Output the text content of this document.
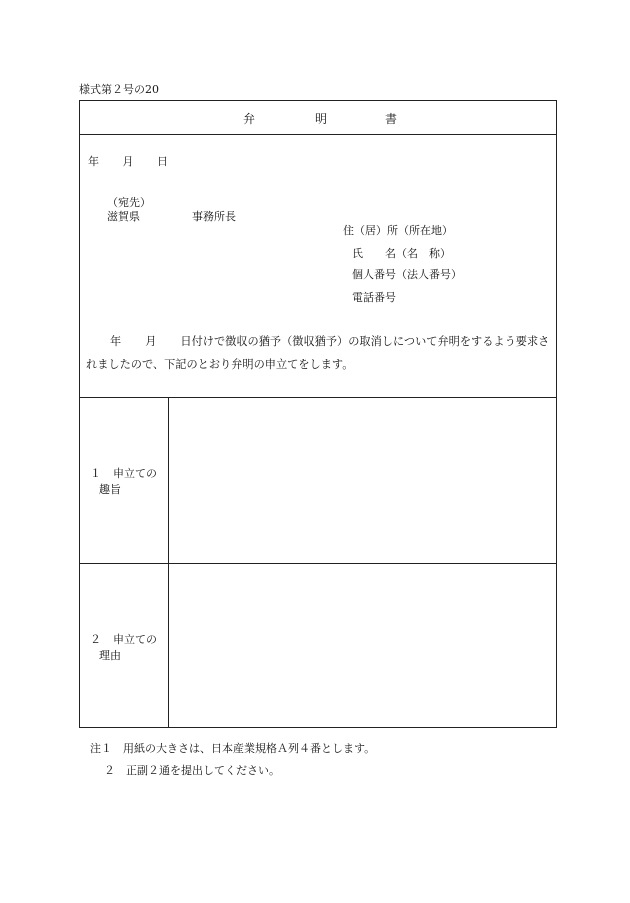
様式第２号の20
弁	明	書
年 月 日
（宛先）
滋賀県	事務所長
住（居）所（所在地）
氏　　名（名　称）
個人番号（法人番号）
電話番号
年 月 日付けで徴収の猶予（徴収猶予）の取消しについて弁明をするよう要求されましたので、下記のとおり弁明の申立てをします。
１ 申立ての
趣旨
２ 申立ての
理由
注１　用紙の大きさは、日本産業規格Ａ列４番とします。
２　正副２通を提出してください。
